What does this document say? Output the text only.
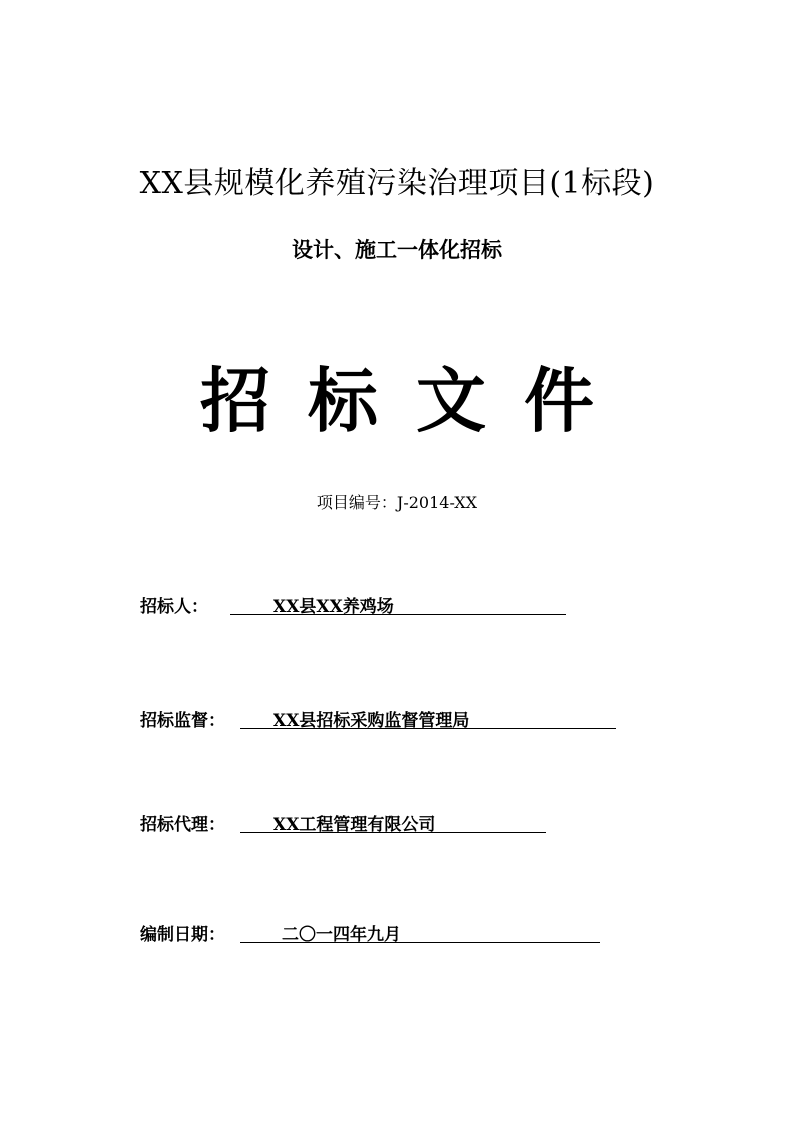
XX县规模化养殖污染治理项目(1标段)
设计、施工一体化招标
招标文件
项目编号：J-2014-XX
招标人：	XX县XX养鸡场
招标监督：	XX县招标采购监督管理局
招标代理：	XX工程管理有限公司
编制日期：	二〇一四年九月
